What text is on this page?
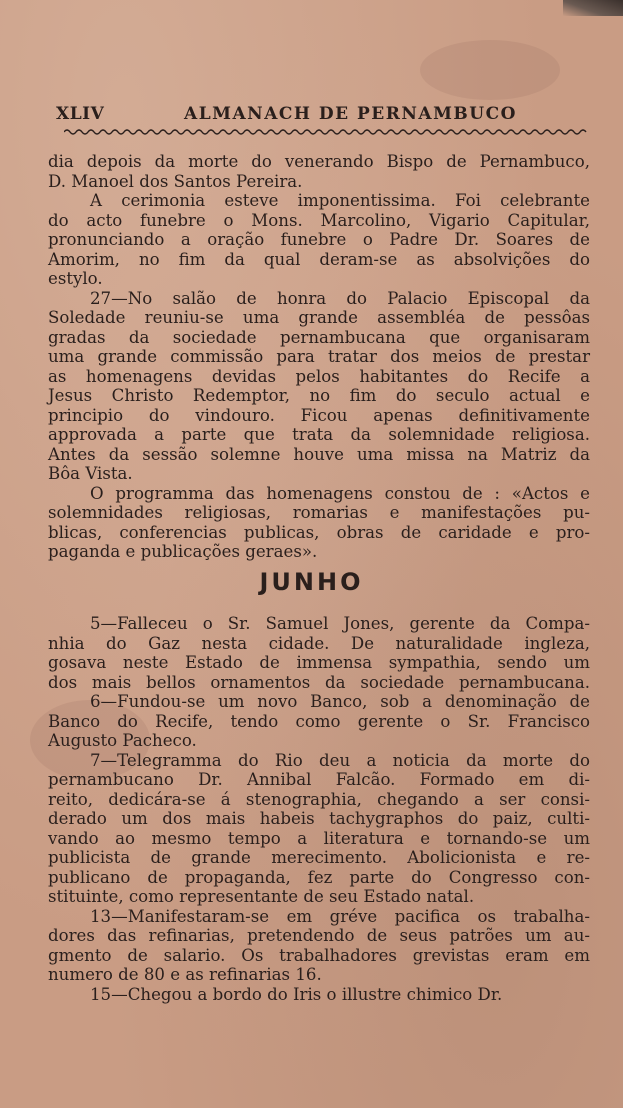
XLIV	ALMANACH DE PERNAMBUCO
dia depois da morte do venerando Bispo de Pernambuco,
D. Manoel dos Santos Pereira.
A cerimonia esteve imponentissima. Foi celebrante
do acto funebre o Mons. Marcolino, Vigario Capitular,
pronunciando a oração funebre o Padre Dr. Soares de
Amorim, no fim da qual deram-se as absolvições do
estylo.
27—No salão de honra do Palacio Episcopal da
Soledade reuniu-se uma grande assembléa de pessôas
gradas da sociedade pernambucana que organisaram
uma grande commissão para tratar dos meios de prestar
as homenagens devidas pelos habitantes do Recife a
Jesus Christo Redemptor, no fim do seculo actual e
principio do vindouro. Ficou apenas definitivamente
approvada a parte que trata da solemnidade religiosa.
Antes da sessão solemne houve uma missa na Matriz da
Bôa Vista.
O programma das homenagens constou de : «Actos e
solemnidades religiosas, romarias e manifestações pu-
blicas, conferencias publicas, obras de caridade e pro-
paganda e publicações geraes».
JUNHO
5—Falleceu o Sr. Samuel Jones, gerente da Compa-
nhia do Gaz nesta cidade. De naturalidade ingleza,
gosava neste Estado de immensa sympathia, sendo um
dos mais bellos ornamentos da sociedade pernambucana.
6—Fundou-se um novo Banco, sob a denominação de
Banco do Recife, tendo como gerente o Sr. Francisco
Augusto Pacheco.
7—Telegramma do Rio deu a noticia da morte do
pernambucano Dr. Annibal Falcão. Formado em di-
reito, dedicára-se á stenographia, chegando a ser consi-
derado um dos mais habeis tachygraphos do paiz, culti-
vando ao mesmo tempo a literatura e tornando-se um
publicista de grande merecimento. Abolicionista e re-
publicano de propaganda, fez parte do Congresso con-
stituinte, como representante de seu Estado natal.
13—Manifestaram-se em gréve pacifica os trabalha-
dores das refinarias, pretendendo de seus patrões um au-
gmento de salario. Os trabalhadores grevistas eram em
numero de 80 e as refinarias 16.
15—Chegou a bordo do Iris o illustre chimico Dr.
